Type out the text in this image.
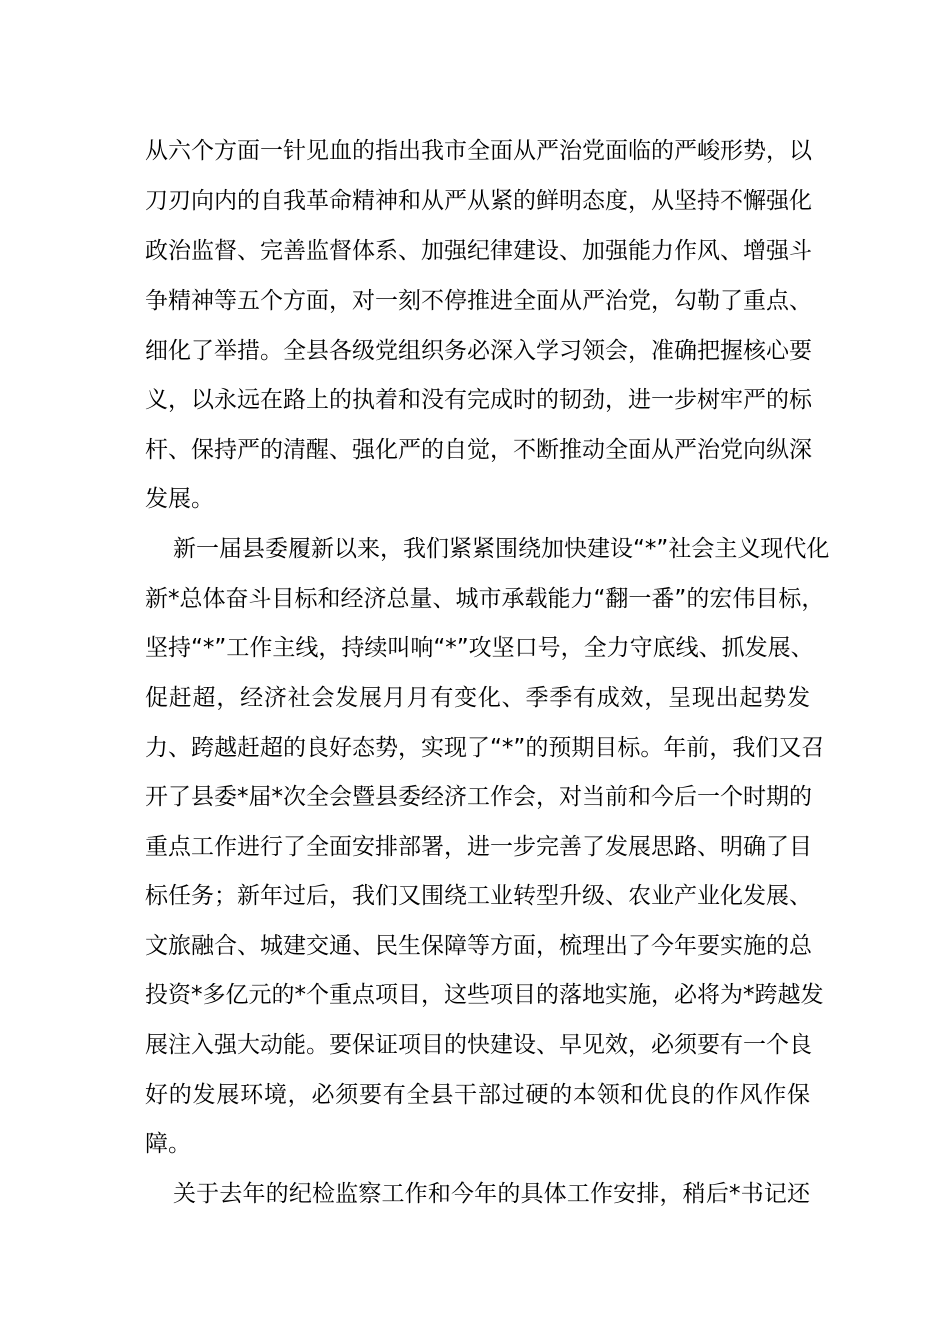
从六个方面一针见血的指出我市全面从严治党面临的严峻形势，以
刀刃向内的自我革命精神和从严从紧的鲜明态度，从坚持不懈强化
政治监督、完善监督体系、加强纪律建设、加强能力作风、增强斗
争精神等五个方面，对一刻不停推进全面从严治党，勾勒了重点、
细化了举措。全县各级党组织务必深入学习领会，准确把握核心要
义，以永远在路上的执着和没有完成时的韧劲，进一步树牢严的标
杆、保持严的清醒、强化严的自觉，不断推动全面从严治党向纵深
发展。
新一届县委履新以来，我们紧紧围绕加快建设“*”社会主义现代化
新*总体奋斗目标和经济总量、城市承载能力“翻一番”的宏伟目标，
坚持“*”工作主线，持续叫响“*”攻坚口号，全力守底线、抓发展、
促赶超，经济社会发展月月有变化、季季有成效，呈现出起势发
力、跨越赶超的良好态势，实现了“*”的预期目标。年前，我们又召
开了县委*届*次全会暨县委经济工作会，对当前和今后一个时期的
重点工作进行了全面安排部署，进一步完善了发展思路、明确了目
标任务；新年过后，我们又围绕工业转型升级、农业产业化发展、
文旅融合、城建交通、民生保障等方面，梳理出了今年要实施的总
投资*多亿元的*个重点项目，这些项目的落地实施，必将为*跨越发
展注入强大动能。要保证项目的快建设、早见效，必须要有一个良
好的发展环境，必须要有全县干部过硬的本领和优良的作风作保
障。
关于去年的纪检监察工作和今年的具体工作安排，稍后*书记还
